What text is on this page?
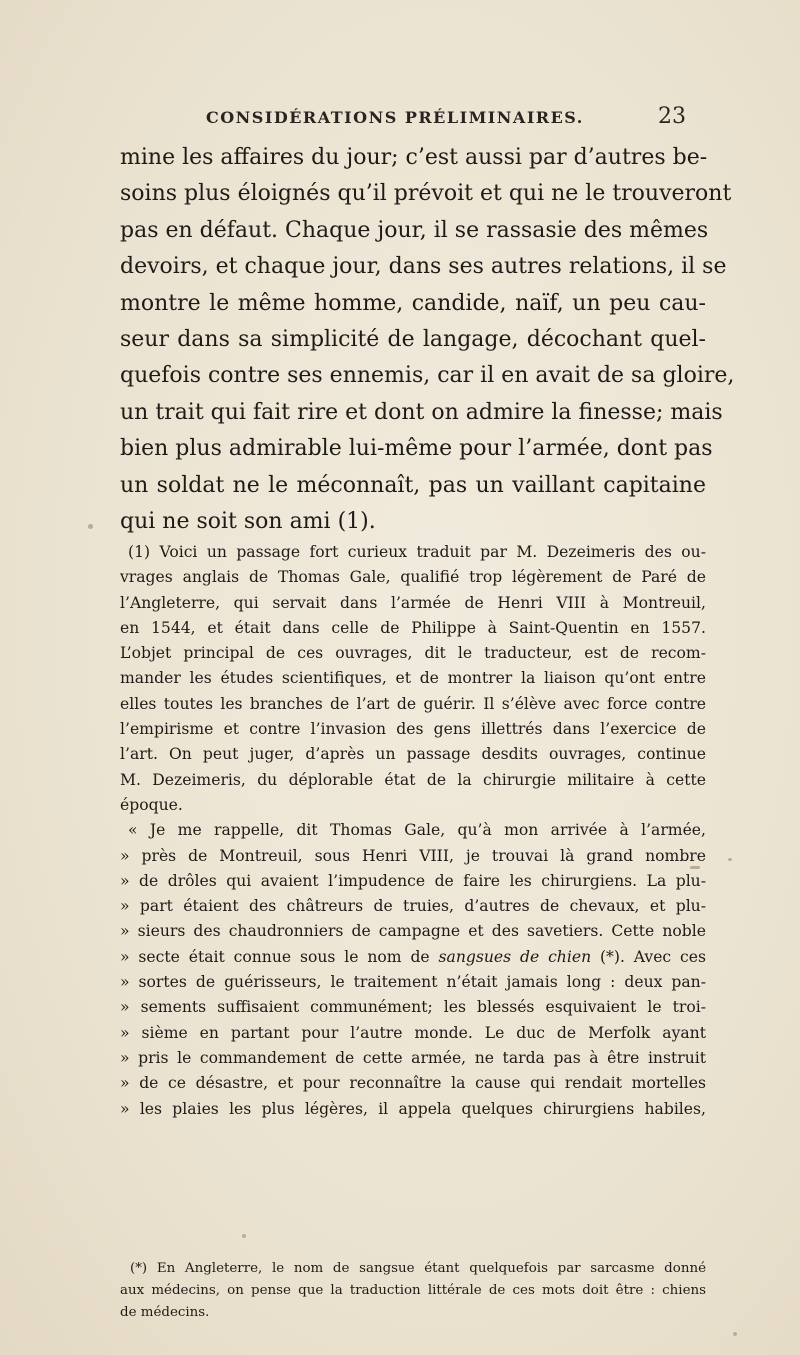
CONSIDÉRATIONS PRÉLIMINAIRES.	23
mine les affaires du jour; c’est aussi par d’autres be-
soins plus éloignés qu’il prévoit et qui ne le trouveront
pas en défaut. Chaque jour, il se rassasie des mêmes
devoirs, et chaque jour, dans ses autres relations, il se
montre le même homme, candide, naïf, un peu cau-
seur dans sa simplicité de langage, décochant quel-
quefois contre ses ennemis, car il en avait de sa gloire,
un trait qui fait rire et dont on admire la finesse; mais
bien plus admirable lui-même pour l’armée, dont pas
un soldat ne le méconnaît, pas un vaillant capitaine
qui ne soit son ami (1).
(1) Voici un passage fort curieux traduit par M. Dezeimeris des ou-
vrages anglais de Thomas Gale, qualifié trop légèrement de Paré de
l’Angleterre, qui servait dans l’armée de Henri VIII à Montreuil,
en 1544, et était dans celle de Philippe à Saint-Quentin en 1557.
L’objet principal de ces ouvrages, dit le traducteur, est de recom-
mander les études scientifiques, et de montrer la liaison qu’ont entre
elles toutes les branches de l’art de guérir. Il s’élève avec force contre
l’empirisme et contre l’invasion des gens illettrés dans l’exercice de
l’art. On peut juger, d’après un passage desdits ouvrages, continue
M. Dezeimeris, du déplorable état de la chirurgie militaire à cette
époque.
« Je me rappelle, dit Thomas Gale, qu’à mon arrivée à l’armée,
» près de Montreuil, sous Henri VIII, je trouvai là grand nombre
» de drôles qui avaient l’impudence de faire les chirurgiens. La plu-
» part étaient des châtreurs de truies, d’autres de chevaux, et plu-
» sieurs des chaudronniers de campagne et des savetiers. Cette noble
» secte était connue sous le nom de sangsues de chien (*). Avec ces
» sortes de guérisseurs, le traitement n’était jamais long : deux pan-
» sements suffisaient communément; les blessés esquivaient le troi-
» sième en partant pour l’autre monde. Le duc de Merfolk ayant
» pris le commandement de cette armée, ne tarda pas à être instruit
» de ce désastre, et pour reconnaître la cause qui rendait mortelles
» les plaies les plus légères, il appela quelques chirurgiens habiles,
(*) En Angleterre, le nom de sangsue étant quelquefois par sarcasme donné
aux médecins, on pense que la traduction littérale de ces mots doit être : chiens
de médecins.
